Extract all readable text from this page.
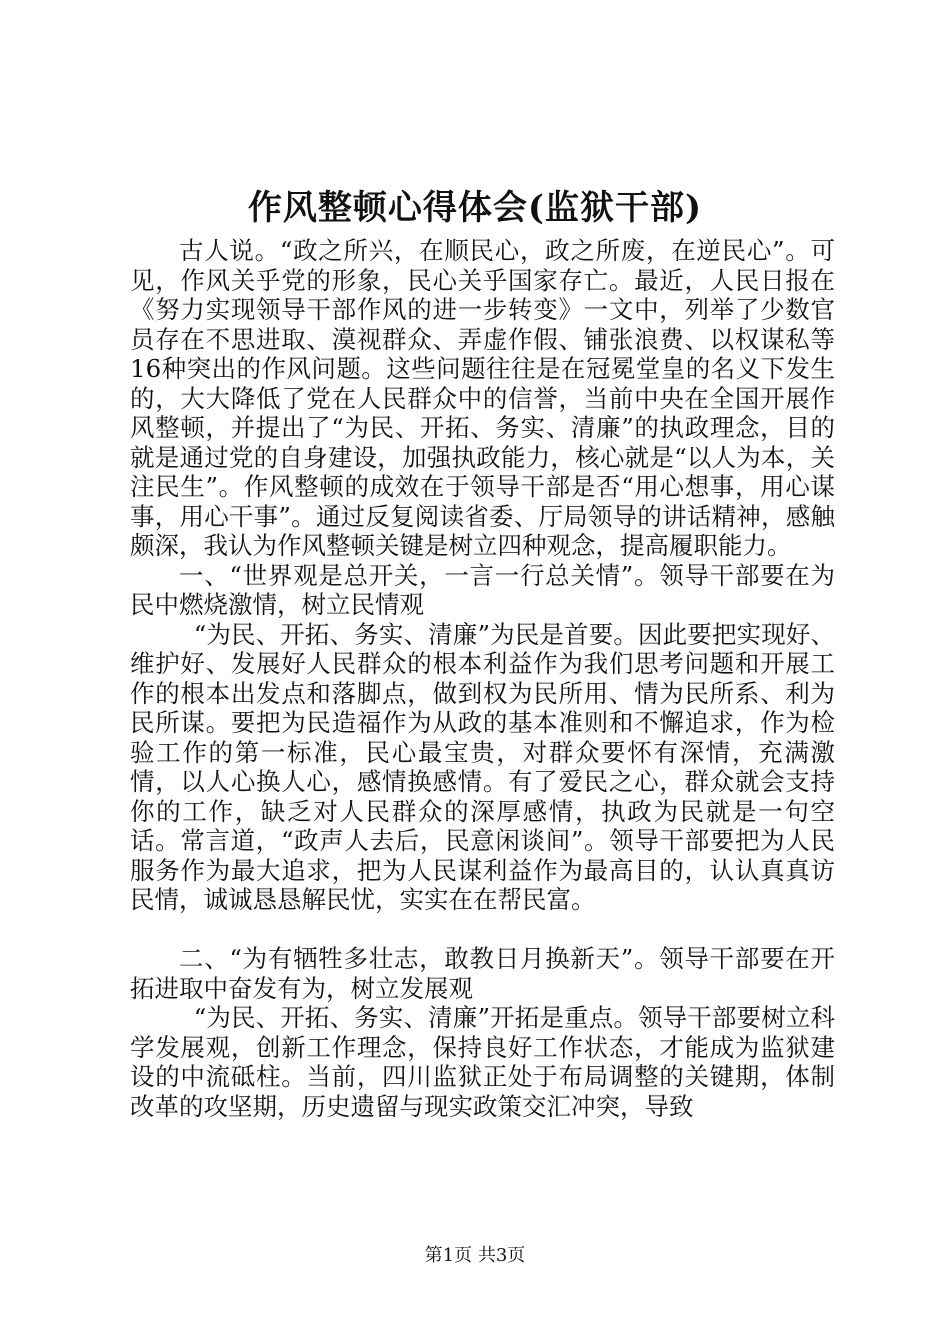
作风整顿心得体会(监狱干部)

古人说。“政之所兴，在顺民心，政之所废，在逆民心”。可见，作风关乎党的形象，民心关乎国家存亡。最近，人民日报在《努力实现领导干部作风的进一步转变》一文中，列举了少数官员存在不思进取、漠视群众、弄虚作假、铺张浪费、以权谋私等16种突出的作风问题。这些问题往往是在冠冕堂皇的名义下发生的，大大降低了党在人民群众中的信誉，当前中央在全国开展作风整顿，并提出了“为民、开拓、务实、清廉”的执政理念，目的就是通过党的自身建设，加强执政能力，核心就是“以人为本，关注民生”。作风整顿的成效在于领导干部是否“用心想事，用心谋事，用心干事”。通过反复阅读省委、厅局领导的讲话精神，感触颇深，我认为作风整顿关键是树立四种观念，提高履职能力。

一、“世界观是总开关，一言一行总关情”。领导干部要在为民中燃烧激情，树立民情观

“为民、开拓、务实、清廉”为民是首要。因此要把实现好、维护好、发展好人民群众的根本利益作为我们思考问题和开展工作的根本出发点和落脚点，做到权为民所用、情为民所系、利为民所谋。要把为民造福作为从政的基本准则和不懈追求，作为检验工作的第一标准，民心最宝贵，对群众要怀有深情，充满激情，以人心换人心，感情换感情。有了爱民之心，群众就会支持你的工作，缺乏对人民群众的深厚感情，执政为民就是一句空话。常言道，“政声人去后，民意闲谈间”。领导干部要把为人民服务作为最大追求，把为人民谋利益作为最高目的，认认真真访民情，诚诚恳恳解民忧，实实在在帮民富。

二、“为有牺牲多壮志，敢教日月换新天”。领导干部要在开拓进取中奋发有为，树立发展观

“为民、开拓、务实、清廉”开拓是重点。领导干部要树立科学发展观，创新工作理念，保持良好工作状态，才能成为监狱建设的中流砥柱。当前，四川监狱正处于布局调整的关键期，体制改革的攻坚期，历史遗留与现实政策交汇冲突，导致

第1页 共3页
